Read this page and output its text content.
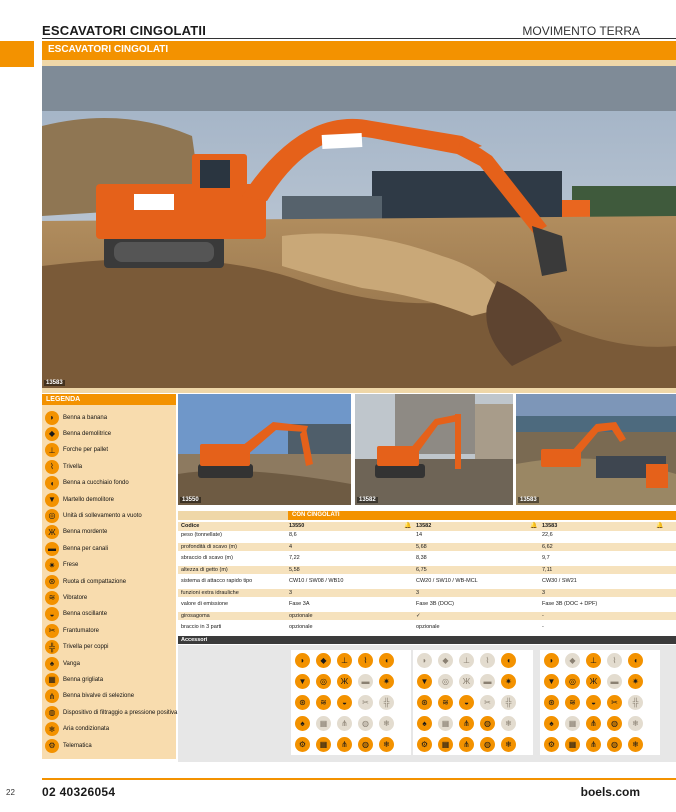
ESCAVATORI CINGOLATII	MOVIMENTO TERRA
ESCAVATORI CINGOLATI
13583
LEGENDA
◗	Benna a banana
◆	Benna demolitrice
⊥	Forche per pallet
⌇	Trivella
◖	Benna a cucchiaio fondo
▼	Martello demolitore
◎	Unità di sollevamento a vuoto
Ж	Benna mordente
▬	Benna per canali
✷	Frese
⊛	Ruota di compattazione
≋	Vibratore
◒	Benna oscillante
✂	Frantumatore
╬	Trivella per coppi
♠	Vanga
▦	Benna grigliata
⋔	Benna bivalve di selezione
◍	Dispositivo di filtraggio a pressione positiva
❄	Aria condizionata
⚙	Telematica
13550	13582	13583
CON CINGOLATI
Codice	13550	🔔 13582	🔔 13583	🔔
peso (tonnellate)	8,6	14	22,6
profondità di scavo (m)	4	5,68	6,62
sbraccio di scavo (m)	7,22	8,38	9,7
altezza di getto (m)	5,58	6,75	7,11
sistema di attacco rapido tipo	CW10 / SW08 / WB10	CW20 / SW10 / WB-MCL	CW30 / SW21
funzioni extra idrauliche	3	3	3
valore di emissione	Fase 3A	Fase 3B (DOC)	Fase 3B (DOC + DPF)
girosagoma	opzionale	✓	-
braccio in 3 parti	opzionale	opzionale	-
Accessori
◗	◆	⊥	⌇	◖
▼	◎	Ж	▬	✷
⊛	≋	◒	✂	╬
♠	▦	⋔	◍	❄
⚙	▦	⋔	◍	❄
◗	◆	⊥	⌇	◖
▼	◎	Ж	▬	✷
⊛	≋	◒	✂	╬
♠	▦	⋔	◍	❄
⚙	▦	⋔	◍	❄
◗	◆	⊥	⌇	◖
▼	◎	Ж	▬	✷
⊛	≋	◒	✂	╬
♠	▦	⋔	◍	❄
⚙	▦	⋔	◍	❄
22 02 40326054	boels.com
